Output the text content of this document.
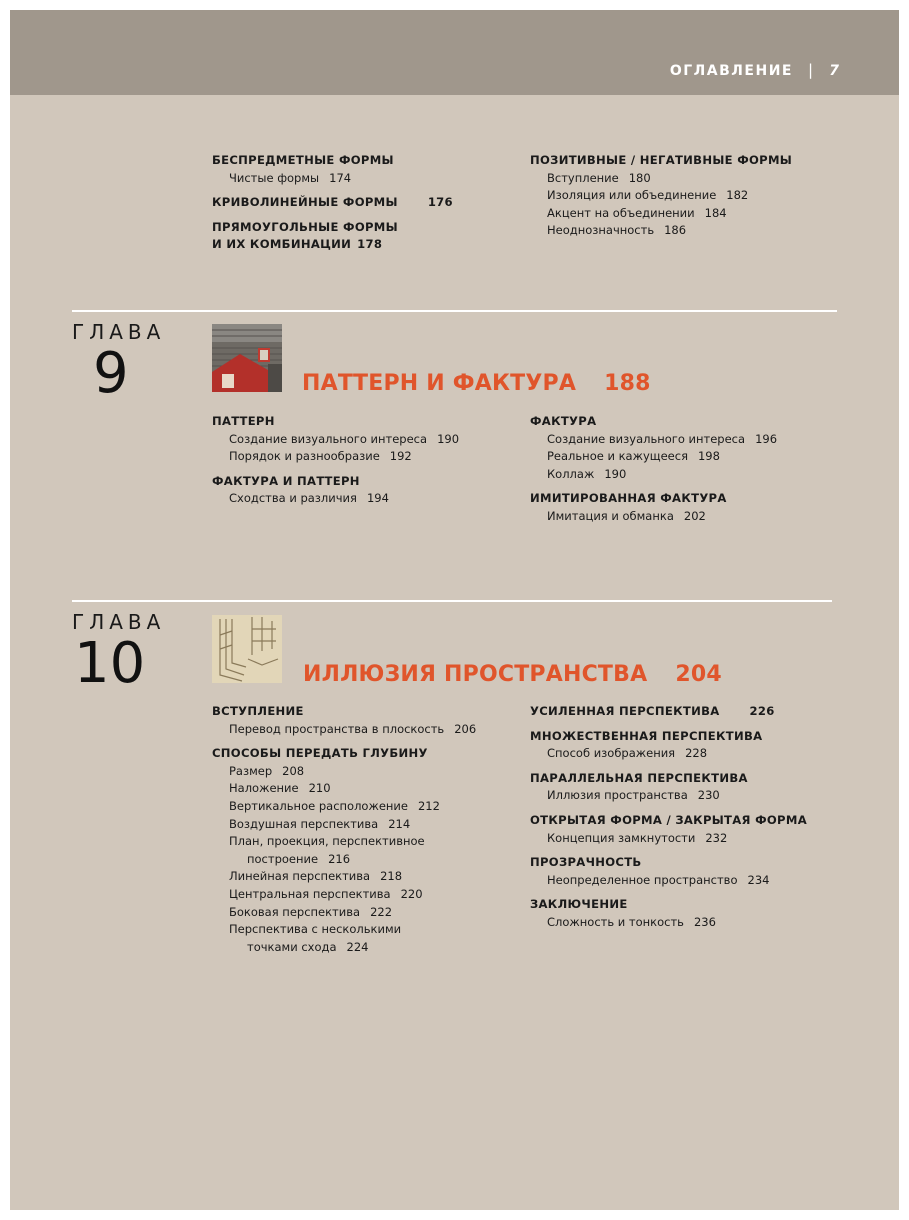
ОГЛАВЛЕНИЕ | 7
БЕСПРЕДМЕТНЫЕ ФОРМЫ
Чистые формы 174
КРИВОЛИНЕЙНЫЕ ФОРМЫ	176
ПРЯМОУГОЛЬНЫЕ ФОРМЫ
И ИХ КОМБИНАЦИИ 178
ПОЗИТИВНЫЕ / НЕГАТИВНЫЕ ФОРМЫ
Вступление 180
Изоляция или объединение 182
Акцент на объединении 184
Неоднозначность 186
ГЛАВА
9	ПАТТЕРН И ФАКТУРА 188
ПАТТЕРН
Создание визуального интереса 190
Порядок и разнообразие 192
ФАКТУРА И ПАТТЕРН
Сходства и различия 194
ФАКТУРА
Создание визуального интереса 196
Реальное и кажущееся 198
Коллаж 190
ИМИТИРОВАННАЯ ФАКТУРА
Имитация и обманка 202
ГЛАВА
10	ИЛЛЮЗИЯ ПРОСТРАНСТВА 204
ВСТУПЛЕНИЕ
Перевод пространства в плоскость 206
СПОСОБЫ ПЕРЕДАТЬ ГЛУБИНУ
Размер 208
Наложение 210
Вертикальное расположение 212
Воздушная перспектива 214
План, проекция, перспективное
построение 216
Линейная перспектива 218
Центральная перспектива 220
Боковая перспектива 222
Перспектива с несколькими
точками схода 224
УСИЛЕННАЯ ПЕРСПЕКТИВА	226
МНОЖЕСТВЕННАЯ ПЕРСПЕКТИВА
Способ изображения 228
ПАРАЛЛЕЛЬНАЯ ПЕРСПЕКТИВА
Иллюзия пространства 230
ОТКРЫТАЯ ФОРМА / ЗАКРЫТАЯ ФОРМА
Концепция замкнутости 232
ПРОЗРАЧНОСТЬ
Неопределенное пространство 234
ЗАКЛЮЧЕНИЕ
Сложность и тонкость 236
